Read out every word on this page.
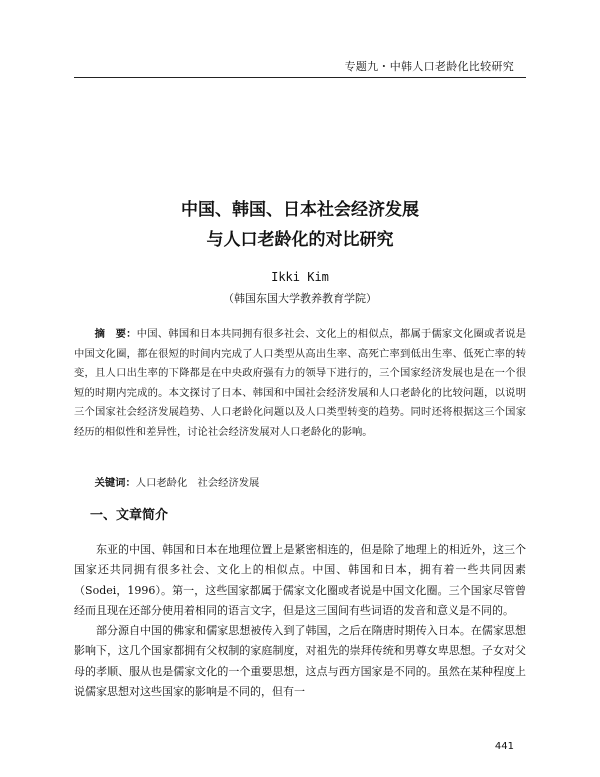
专题九・中韩人口老龄化比较研究
中国、韩国、日本社会经济发展
与人口老龄化的对比研究
Ikki Kim
（韩国东国大学教养教育学院）

摘　要：中国、韩国和日本共同拥有很多社会、文化上的相似点，都属于儒家文化圈或者说是中国文化圈，都在很短的时间内完成了人口类型从高出生率、高死亡率到低出生率、低死亡率的转变，且人口出生率的下降都是在中央政府强有力的领导下进行的，三个国家经济发展也是在一个很短的时期内完成的。本文探讨了日本、韩国和中国社会经济发展和人口老龄化的比较问题，以说明三个国家社会经济发展趋势、人口老龄化问题以及人口类型转变的趋势。同时还将根据这三个国家经历的相似性和差异性，讨论社会经济发展对人口老龄化的影响。

关键词：人口老龄化　社会经济发展

一、文章简介

东亚的中国、韩国和日本在地理位置上是紧密相连的，但是除了地理上的相近外，这三个国家还共同拥有很多社会、文化上的相似点。中国、韩国和日本，拥有着一些共同因素（Sodei，1996）。第一，这些国家都属于儒家文化圈或者说是中国文化圈。三个国家尽管曾经而且现在还部分使用着相同的语言文字，但是这三国间有些词语的发音和意义是不同的。

部分源自中国的佛家和儒家思想被传入到了韩国，之后在隋唐时期传入日本。在儒家思想影响下，这几个国家都拥有父权制的家庭制度，对祖先的崇拜传统和男尊女卑思想。子女对父母的孝顺、服从也是儒家文化的一个重要思想，这点与西方国家是不同的。虽然在某种程度上说儒家思想对这些国家的影响是不同的，但有一

441
